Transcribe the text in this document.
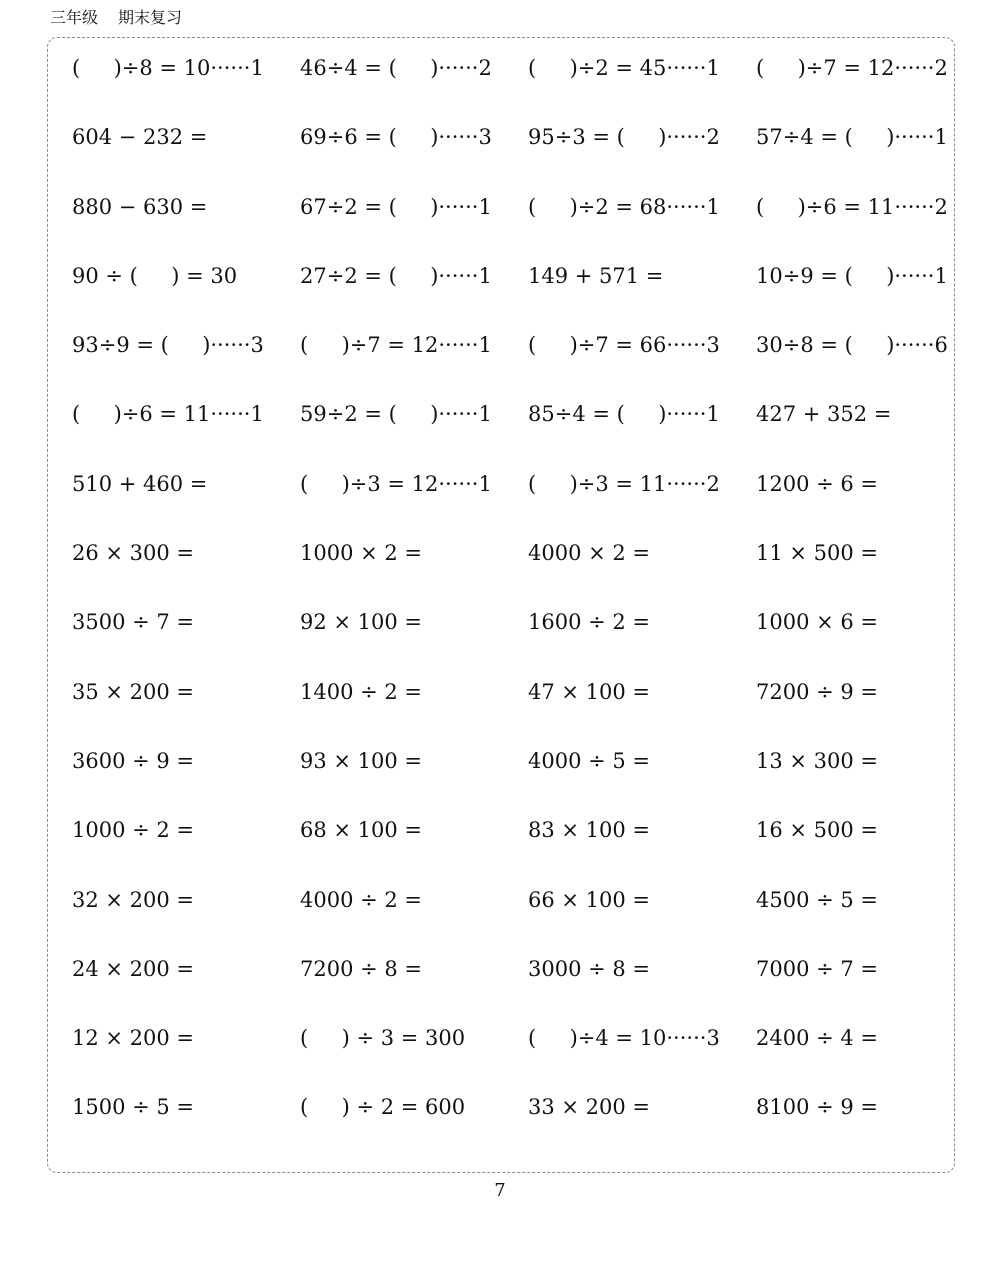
三年级 期末复习
(     )÷8 = 10······1	46÷4 = (     )······2	(     )÷2 = 45······1	(     )÷7 = 12······2
604 − 232 =	69÷6 = (     )······3	95÷3 = (     )······2	57÷4 = (     )······1
880 − 630 =	67÷2 = (     )······1	(     )÷2 = 68······1	(     )÷6 = 11······2
90 ÷ (     ) = 30	27÷2 = (     )······1	149 + 571 =	10÷9 = (     )······1
93÷9 = (     )······3	(     )÷7 = 12······1	(     )÷7 = 66······3	30÷8 = (     )······6
(     )÷6 = 11······1	59÷2 = (     )······1	85÷4 = (     )······1	427 + 352 =
510 + 460 =	(     )÷3 = 12······1	(     )÷3 = 11······2	1200 ÷ 6 =
26 × 300 =	1000 × 2 =	4000 × 2 =	11 × 500 =
3500 ÷ 7 =	92 × 100 =	1600 ÷ 2 =	1000 × 6 =
35 × 200 =	1400 ÷ 2 =	47 × 100 =	7200 ÷ 9 =
3600 ÷ 9 =	93 × 100 =	4000 ÷ 5 =	13 × 300 =
1000 ÷ 2 =	68 × 100 =	83 × 100 =	16 × 500 =
32 × 200 =	4000 ÷ 2 =	66 × 100 =	4500 ÷ 5 =
24 × 200 =	7200 ÷ 8 =	3000 ÷ 8 =	7000 ÷ 7 =
12 × 200 =	(     ) ÷ 3 = 300	(     )÷4 = 10······3	2400 ÷ 4 =
1500 ÷ 5 =	(     ) ÷ 2 = 600	33 × 200 =	8100 ÷ 9 =
7
